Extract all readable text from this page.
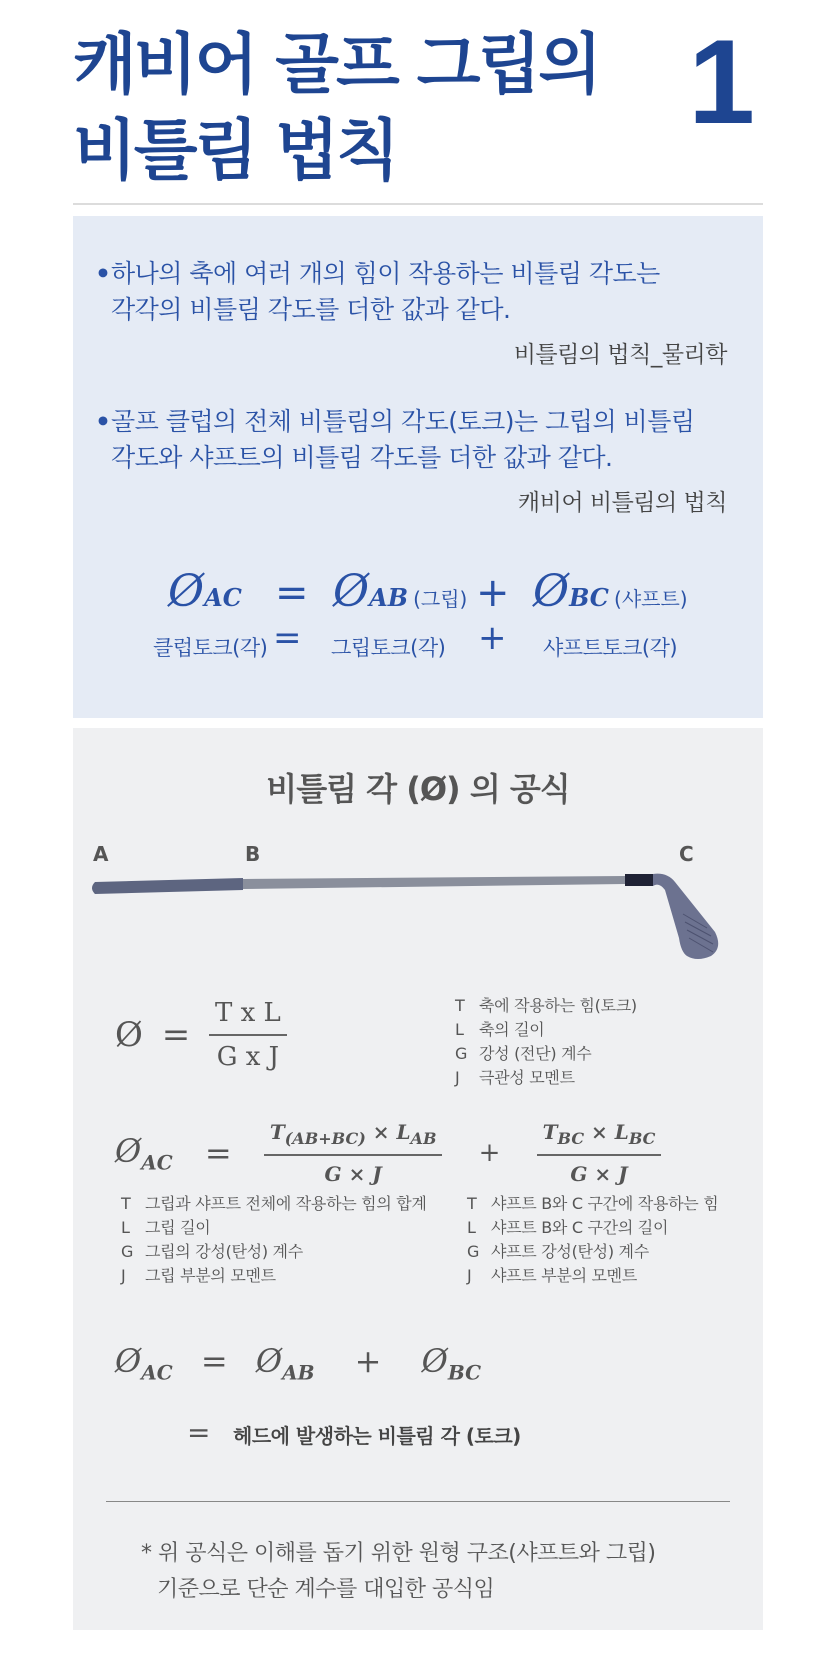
캐비어 골프 그립의
비틀림 법칙
1
• 하나의 축에 여러 개의 힘이 작용하는 비틀림 각도는
각각의 비틀림 각도를 더한 값과 같다.
비틀림의 법칙_물리학
• 골프 클럽의 전체 비틀림의 각도(토크)는 그립의 비틀림
각도와 샤프트의 비틀림 각도를 더한 값과 같다.
캐비어 비틀림의 법칙
ØAC = ØAB (그립) + ØBC (샤프트)
클럽토크(각) = 그립토크(각) + 샤프트토크(각)
비틀림 각 (Ø) 의 공식
A	B	C
Ø = $\frac{\text{T x L}}{\text{G x J}}$	T 축에 작용하는 힘(토크)
L 축의 길이
G 강성 (전단) 계수
J 극관성 모멘트
$Ø_{AC} = \frac{T_{(AB+BC)} \times L_{AB}}{G \times J} + \frac{T_{BC} \times L_{BC}}{G \times J}$
T 그립과 샤프트 전체에 작용하는 힘의 합계
L 그립 길이
G 그립의 강성(탄성) 계수
J 그립 부분의 모멘트
T 샤프트 B와 C 구간에 작용하는 힘
L 샤프트 B와 C 구간의 길이
G 샤프트 강성(탄성) 계수
J 샤프트 부분의 모멘트
$Ø_{AC}$ = $Ø_{AB}$ + $Ø_{BC}$
= 헤드에 발생하는 비틀림 각 (토크)
* 위 공식은 이해를 돕기 위한 원형 구조(샤프트와 그립)
기준으로 단순 계수를 대입한 공식임
